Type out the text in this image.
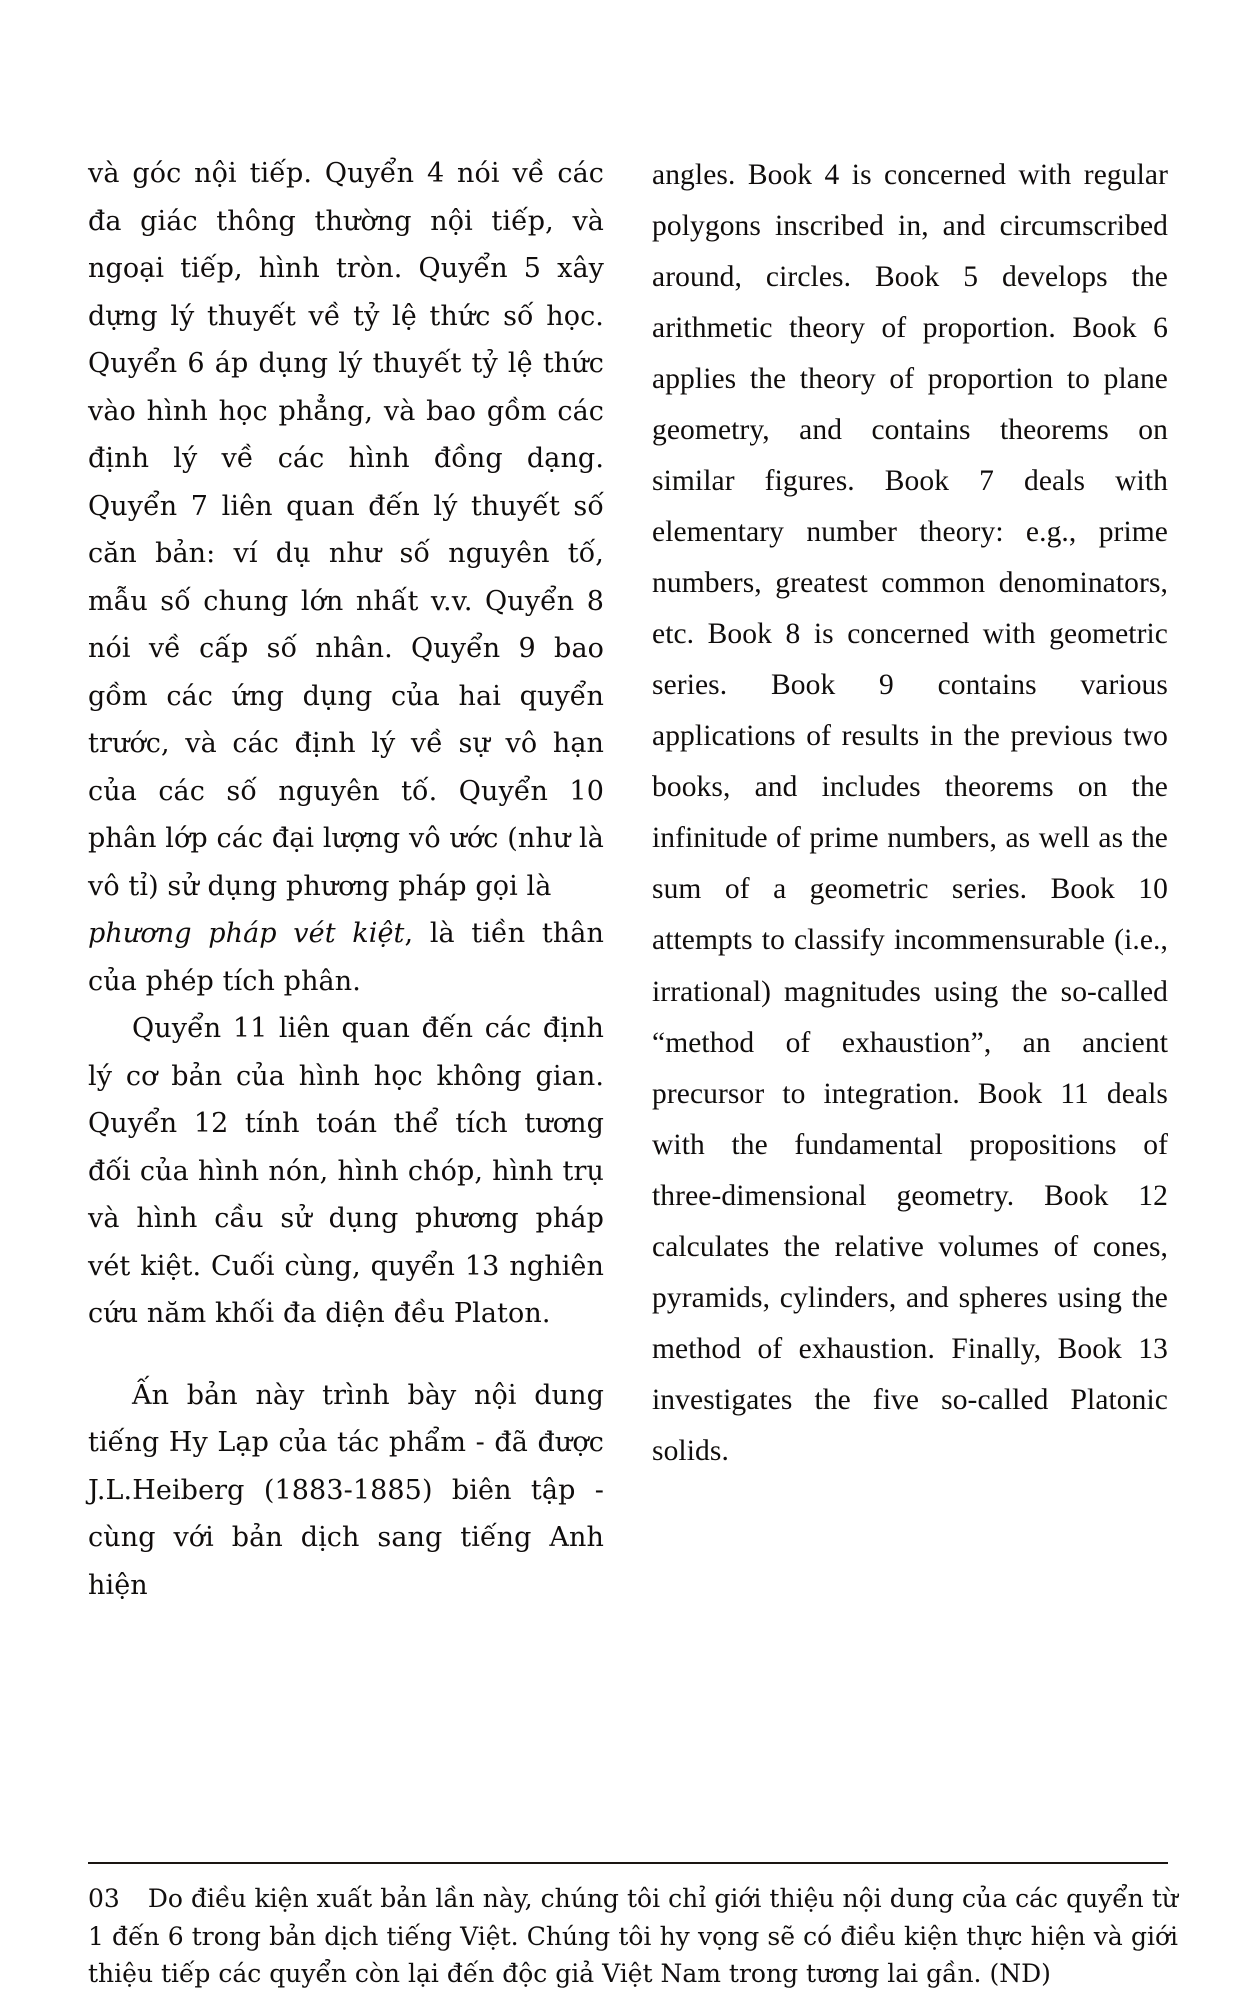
và góc nội tiếp. Quyển 4 nói về các đa giác thông thường nội tiếp, và ngoại tiếp, hình tròn. Quyển 5 xây dựng lý thuyết về tỷ lệ thức số học. Quyển 6 áp dụng lý thuyết tỷ lệ thức vào hình học phẳng, và bao gồm các định lý về các hình đồng dạng. Quyển 7 liên quan đến lý thuyết số căn bản: ví dụ như số nguyên tố, mẫu số chung lớn nhất v.v. Quyển 8 nói về cấp số nhân. Quyển 9 bao gồm các ứng dụng của hai quyển trước, và các định lý về sự vô hạn của các số nguyên tố. Quyển 10 phân lớp các đại lượng vô ước (như là vô tỉ) sử dụng phương pháp gọi là

phương pháp vét kiệt, là tiền thân của phép tích phân.

Quyển 11 liên quan đến các định lý cơ bản của hình học không gian. Quyển 12 tính toán thể tích tương đối của hình nón, hình chóp, hình trụ và hình cầu sử dụng phương pháp vét kiệt. Cuối cùng, quyển 13 nghiên cứu năm khối đa diện đều Platon.

Ấn bản này trình bày nội dung tiếng Hy Lạp của tác phẩm - đã được J.L.Heiberg (1883-1885) biên tập - cùng với bản dịch sang tiếng Anh hiện

angles. Book 4 is concerned with regular polygons inscribed in, and circumscribed around, circles. Book 5 develops the arithmetic theory of proportion. Book 6 applies the theory of proportion to plane geometry, and contains theorems on similar figures. Book 7 deals with elementary number theory: e.g., prime numbers, greatest common denominators, etc. Book 8 is concerned with geometric series. Book 9 contains various applications of results in the previous two books, and includes theorems on the infinitude of prime numbers, as well as the sum of a geometric series. Book 10 attempts to classify incommensurable (i.e., irrational) magnitudes using the so-called “method of exhaustion”, an ancient precursor to integration. Book 11 deals with the fundamental propositions of three-dimensional geometry. Book 12 calculates the relative volumes of cones, pyramids, cylinders, and spheres using the method of exhaustion. Finally, Book 13 investigates the five so-called Platonic solids.

03 Do điều kiện xuất bản lần này, chúng tôi chỉ giới thiệu nội dung của các quyển từ 1 đến 6 trong bản dịch tiếng Việt. Chúng tôi hy vọng sẽ có điều kiện thực hiện và giới thiệu tiếp các quyển còn lại đến độc giả Việt Nam trong tương lai gần. (ND)
